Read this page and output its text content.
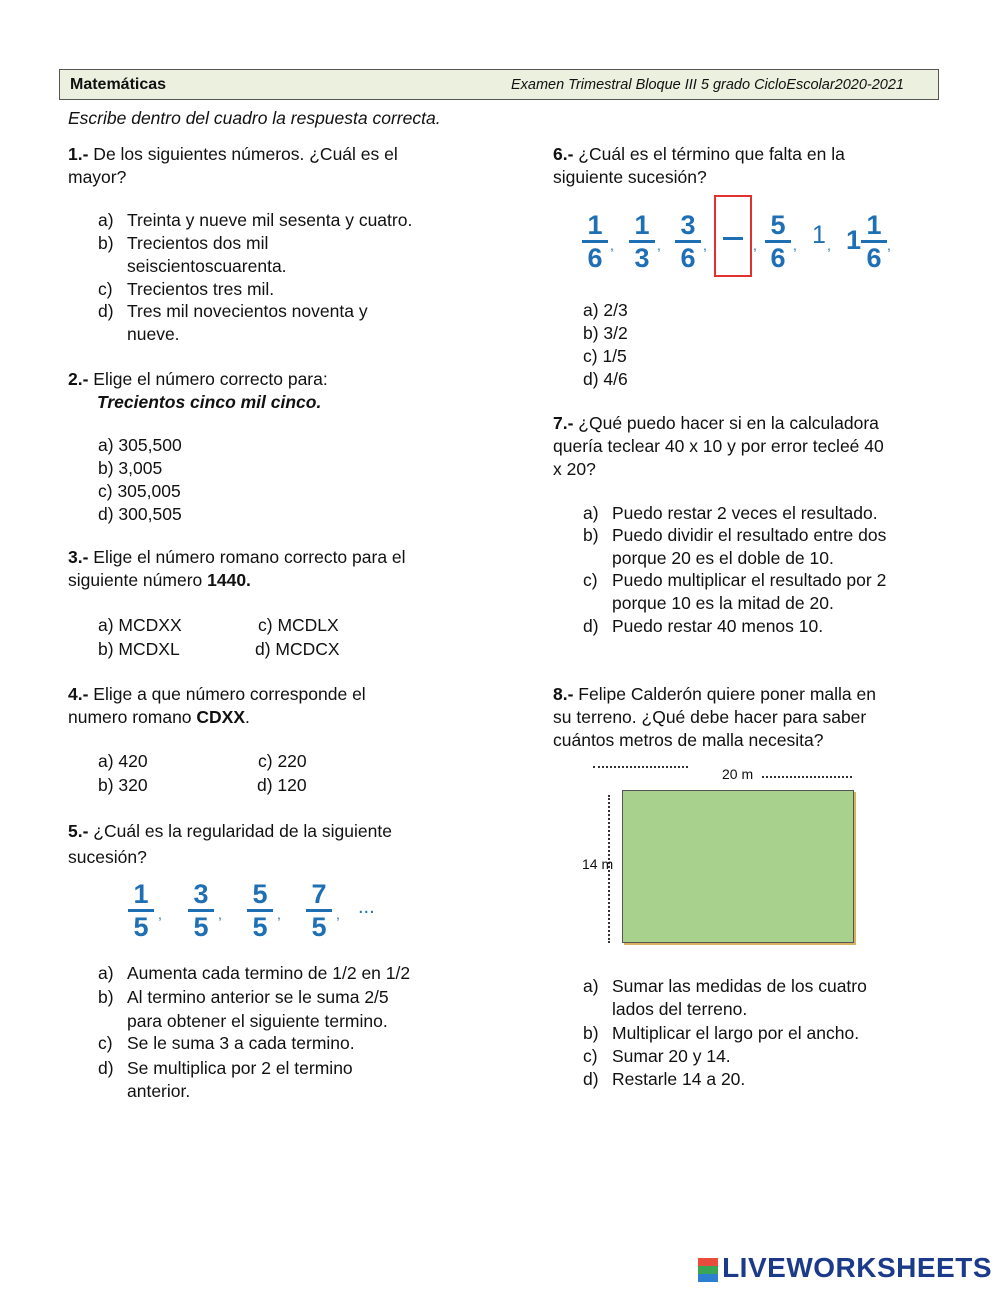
Matemáticas	Examen Trimestral Bloque III 5 grado CicloEscolar2020-2021
Escribe dentro del cuadro la respuesta correcta.
1.- De los siguientes números. ¿Cuál es el
mayor?
a) Treinta y nueve mil sesenta y cuatro.
b) Trecientos dos mil
seiscientoscuarenta.
c) Trecientos tres mil.
d) Tres mil novecientos noventa y
nueve.
2.- Elige el número correcto para:
Trecientos cinco mil cinco.
a) 305,500
b) 3,005
c) 305,005
d) 300,505
3.- Elige el número romano correcto para el
siguiente número 1440.
a) MCDXX	c) MCDLX
b) MCDXL	d) MCDCX
4.- Elige a que número corresponde el
numero romano CDXX.
a) 420	c) 220
b) 320	d) 120
5.- ¿Cuál es la regularidad de la siguiente
sucesión?
1
5 ,
3
5 ,
5
5 ,
7
5 , ...
a) Aumenta cada termino de 1/2 en 1/2
b) Al termino anterior se le suma 2/5
para obtener el siguiente termino.
c) Se le suma 3 a cada termino.
d) Se multiplica por 2 el termino
anterior.
6.- ¿Cuál es el término que falta en la
siguiente sucesión?
1
6 ,
1
3 ,
3
6 ,	,
5
6 , 1 , 1 1
6 ,
a) 2/3
b) 3/2
c) 1/5
d) 4/6
7.- ¿Qué puedo hacer si en la calculadora
quería teclear 40 x 10 y por error tecleé 40
x 20?
a) Puedo restar 2 veces el resultado.
b) Puedo dividir el resultado entre dos
porque 20 es el doble de 10.
c) Puedo multiplicar el resultado por 2
porque 10 es la mitad de 20.
d) Puedo restar 40 menos 10.
8.- Felipe Calderón quiere poner malla en
su terreno. ¿Qué debe hacer para saber
cuántos metros de malla necesita?
20 m
14 m
a) Sumar las medidas de los cuatro
lados del terreno.
b) Multiplicar el largo por el ancho.
c) Sumar 20 y 14.
d) Restarle 14 a 20.
LIVEWORKSHEETS
